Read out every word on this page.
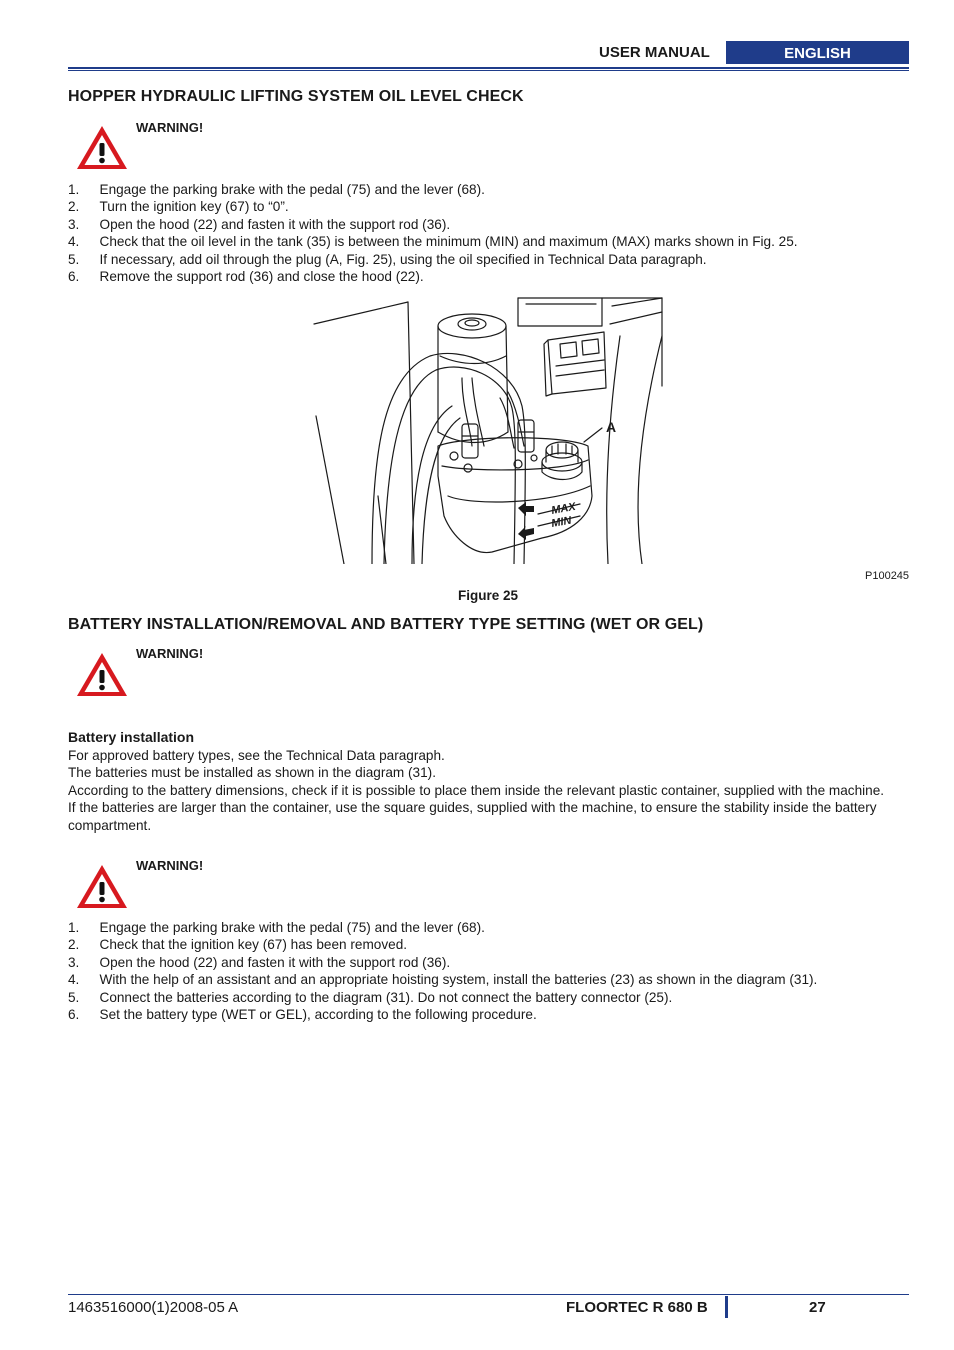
USER MANUAL	ENGLISH
HOPPER HYDRAULIC LIFTING SYSTEM OIL LEVEL CHECK
WARNING!
1. Engage the parking brake with the pedal (75) and the lever (68).
2. Turn the ignition key (67) to “0”.
3. Open the hood (22) and fasten it with the support rod (36).
4. Check that the oil level in the tank (35) is between the minimum (MIN) and maximum (MAX) marks shown in Fig. 25.
5. If necessary, add oil through the plug (A, Fig. 25), using the oil specified in Technical Data paragraph.
6. Remove the support rod (36) and close the hood (22).
MAX
MIN
A
P100245
Figure 25
BATTERY INSTALLATION/REMOVAL AND BATTERY TYPE SETTING (WET OR GEL)
WARNING!
Battery installation

For approved battery types, see the Technical Data paragraph.

The batteries must be installed as shown in the diagram (31).

According to the battery dimensions, check if it is possible to place them inside the relevant plastic container, supplied with the machine.

If the batteries are larger than the container, use the square guides, supplied with the machine, to ensure the stability inside the battery compartment.

WARNING!
1. Engage the parking brake with the pedal (75) and the lever (68).
2. Check that the ignition key (67) has been removed.
3. Open the hood (22) and fasten it with the support rod (36).
4. With the help of an assistant and an appropriate hoisting system, install the batteries (23) as shown in the diagram (31).
5. Connect the batteries according to the diagram (31). Do not connect the battery connector (25).
6. Set the battery type (WET or GEL), according to the following procedure.
1463516000(1)2008-05 A	FLOORTEC R 680 B	27
